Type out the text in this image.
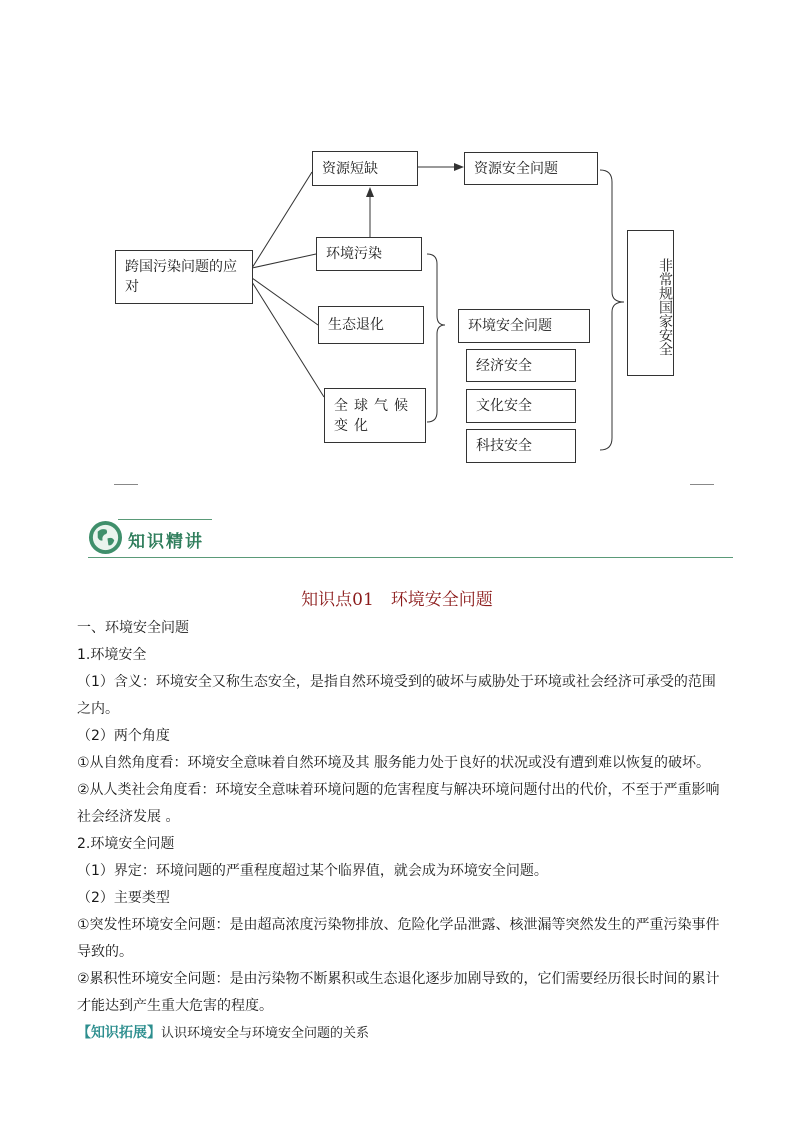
跨国污染问题的应对
资源短缺
环境污染
生态退化
全球气候变化
资源安全问题
环境安全问题
经济安全
文化安全
科技安全
非常规国家安全
知识精讲
知识点01　环境安全问题

一、环境安全问题

1.环境安全

（1）含义：环境安全又称生态安全，是指自然环境受到的破坏与威胁处于环境或社会经济可承受的范围之内。

（2）两个角度

①从自然角度看：环境安全意味着自然环境及其 服务能力处于良好的状况或没有遭到难以恢复的破坏。

②从人类社会角度看：环境安全意味着环境问题的危害程度与解决环境问题付出的代价，不至于严重影响社会经济发展 。

2.环境安全问题

（1）界定：环境问题的严重程度超过某个临界值，就会成为环境安全问题。

（2）主要类型

①突发性环境安全问题：是由超高浓度污染物排放、危险化学品泄露、核泄漏等突然发生的严重污染事件导致的。

②累积性环境安全问题：是由污染物不断累积或生态退化逐步加剧导致的，它们需要经历很长时间的累计才能达到产生重大危害的程度。

【知识拓展】认识环境安全与环境安全问题的关系
